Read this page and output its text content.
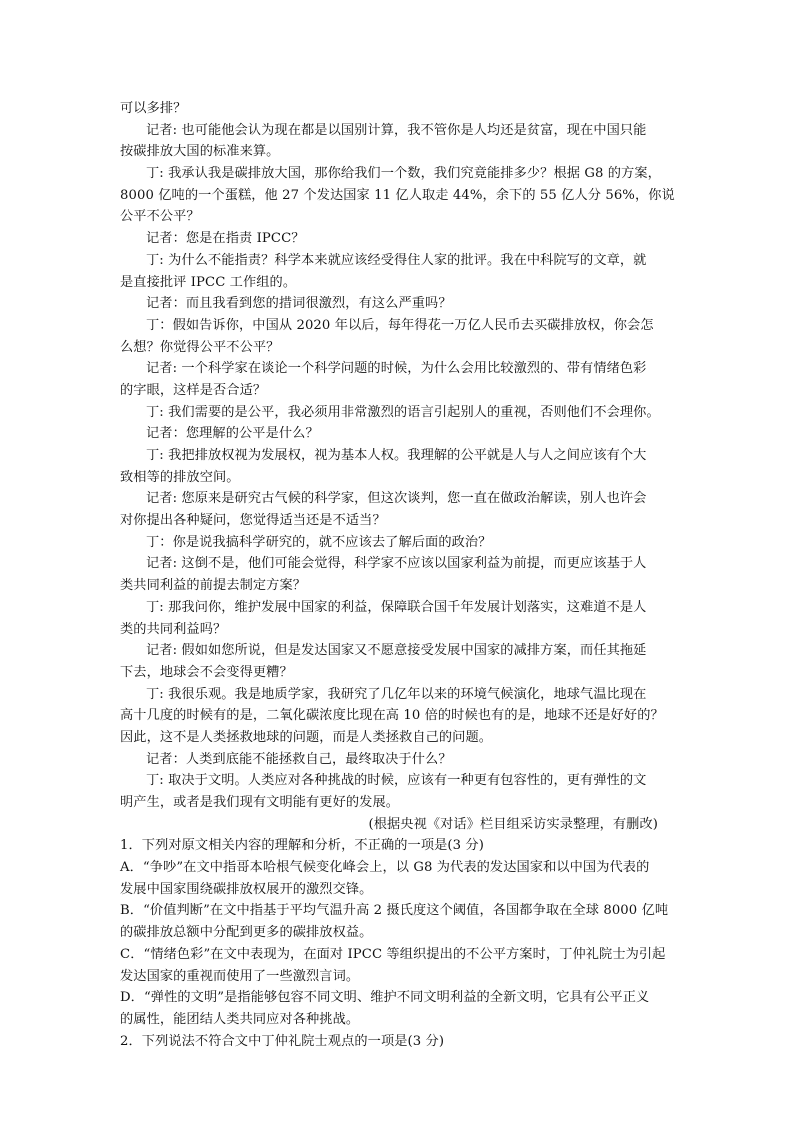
可以多排？
记者: 也可能他会认为现在都是以国别计算，我不管你是人均还是贫富，现在中国只能
按碳排放大国的标准来算。
丁: 我承认我是碳排放大国，那你给我们一个数，我们究竟能排多少？根据 G8 的方案，
8000 亿吨的一个蛋糕，他 27 个发达国家 11 亿人取走 44%，余下的 55 亿人分 56%，你说
公平不公平？
记者：您是在指责 IPCC？
丁: 为什么不能指责？科学本来就应该经受得住人家的批评。我在中科院写的文章，就
是直接批评 IPCC 工作组的。
记者：而且我看到您的措词很激烈，有这么严重吗？
丁：假如告诉你，中国从 2020 年以后，每年得花一万亿人民币去买碳排放权，你会怎
么想？你觉得公平不公平？
记者: 一个科学家在谈论一个科学问题的时候，为什么会用比较激烈的、带有情绪色彩
的字眼，这样是否合适？
丁: 我们需要的是公平，我必须用非常激烈的语言引起别人的重视，否则他们不会理你。
记者：您理解的公平是什么？
丁: 我把排放权视为发展权，视为基本人权。我理解的公平就是人与人之间应该有个大
致相等的排放空间。
记者: 您原来是研究古气候的科学家，但这次谈判，您一直在做政治解读，别人也许会
对你提出各种疑问，您觉得适当还是不适当？
丁：你是说我搞科学研究的，就不应该去了解后面的政治？
记者: 这倒不是，他们可能会觉得，科学家不应该以国家利益为前提，而更应该基于人
类共同利益的前提去制定方案？
丁: 那我问你，维护发展中国家的利益，保障联合国千年发展计划落实，这难道不是人
类的共同利益吗？
记者: 假如如您所说，但是发达国家又不愿意接受发展中国家的减排方案，而任其拖延
下去，地球会不会变得更糟？
丁: 我很乐观。我是地质学家，我研究了几亿年以来的环境气候演化，地球气温比现在
高十几度的时候有的是，二氧化碳浓度比现在高 10 倍的时候也有的是，地球不还是好好的？
因此，这不是人类拯救地球的问题，而是人类拯救自己的问题。
记者：人类到底能不能拯救自己，最终取决于什么？
丁: 取决于文明。人类应对各种挑战的时候，应该有一种更有包容性的，更有弹性的文
明产生，或者是我们现有文明能有更好的发展。
(根据央视《对话》栏目组采访实录整理，有删改)
1．下列对原文相关内容的理解和分析，不正确的一项是(3 分)
A．“争吵”在文中指哥本哈根气候变化峰会上，以 G8 为代表的发达国家和以中国为代表的
发展中国家围绕碳排放权展开的激烈交锋。
B．“价值判断”在文中指基于平均气温升高 2 摄氏度这个阈值，各国都争取在全球 8000 亿吨
的碳排放总额中分配到更多的碳排放权益。
C．“情绪色彩”在文中表现为，在面对 IPCC 等组织提出的不公平方案时，丁仲礼院士为引起
发达国家的重视而使用了一些激烈言词。
D．“弹性的文明”是指能够包容不同文明、维护不同文明利益的全新文明，它具有公平正义
的属性，能团结人类共同应对各种挑战。
2．下列说法不符合文中丁仲礼院士观点的一项是(3 分)
